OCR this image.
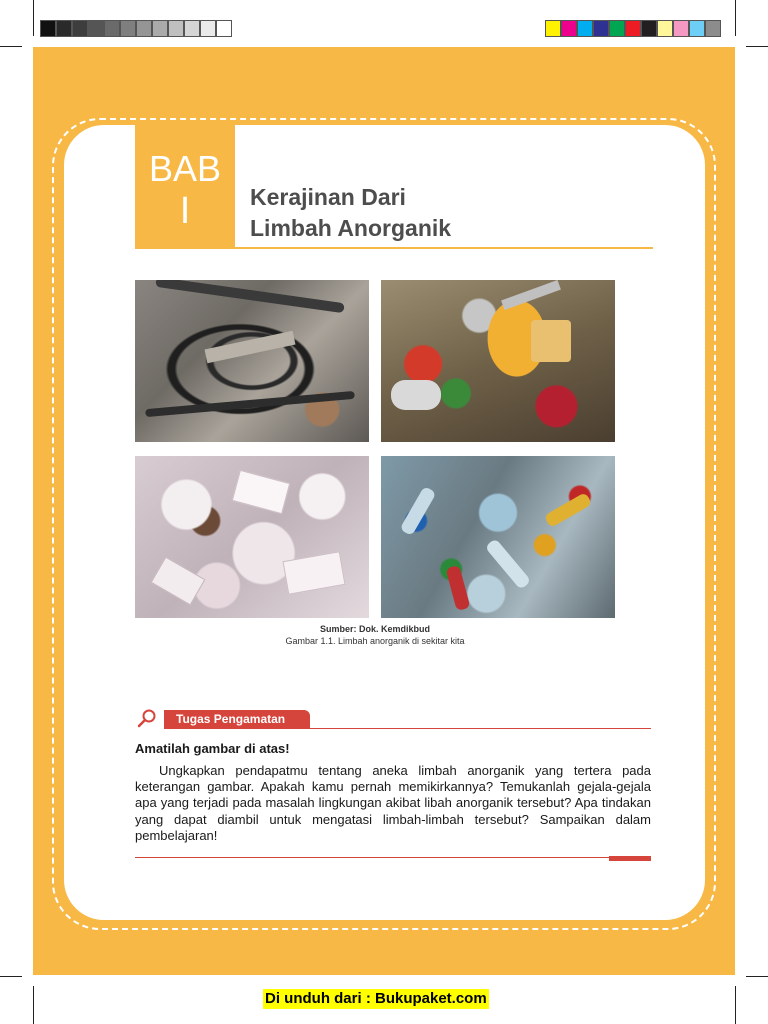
BAB
I	Kerajinan Dari
Limbah Anorganik
Sumber: Dok. Kemdikbud
Gambar 1.1. Limbah anorganik di sekitar kita
Tugas Pengamatan
Amatilah gambar di atas!
Ungkapkan pendapatmu tentang aneka limbah anorganik yang tertera pada keterangan gambar. Apakah kamu pernah memikirkannya? Temukanlah gejala-gejala apa yang terjadi pada masalah lingkungan akibat libah anorganik tersebut? Apa tindakan yang dapat diambil untuk mengatasi limbah-limbah tersebut? Sampaikan dalam pembelajaran!
Di unduh dari : Bukupaket.com
